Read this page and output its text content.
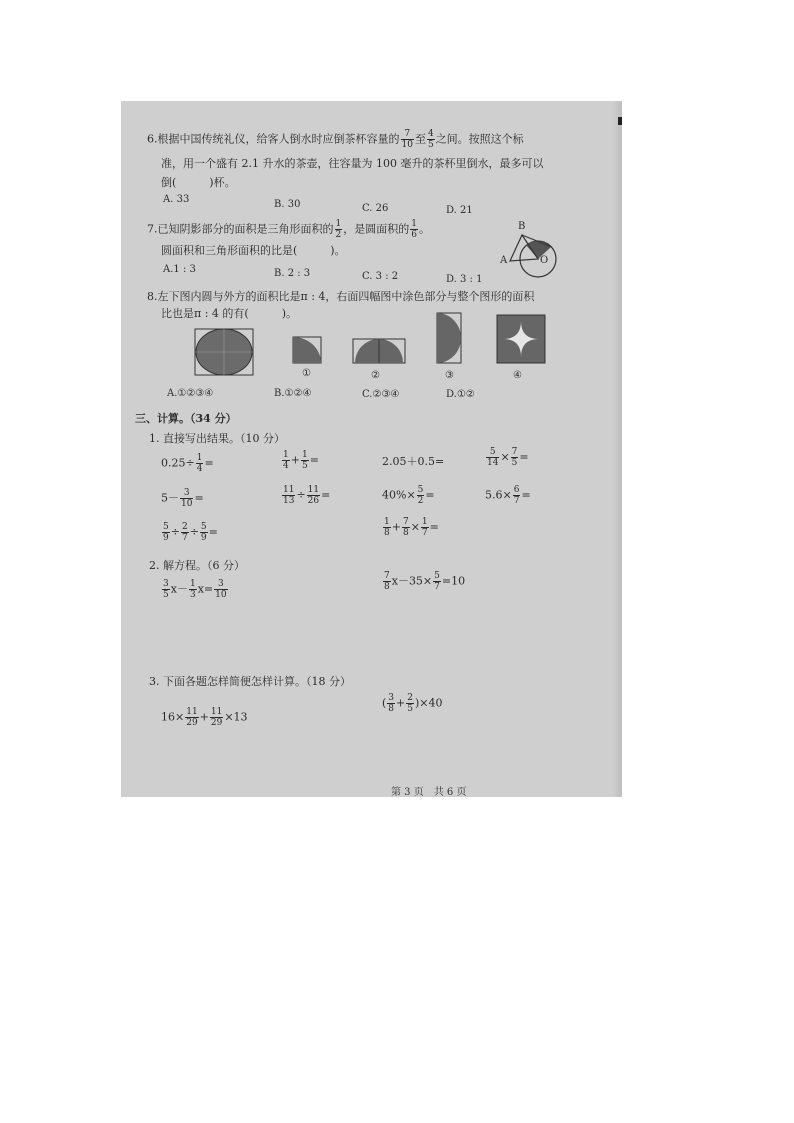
6.根据中国传统礼仪，给客人倒水时应倒茶杯容量的 $\frac{7}{10}$ 至 $\frac{4}{5}$ 之间。按照这个标
准，用一个盛有 2.1 升水的茶壶，往容量为 100 毫升的茶杯里倒水，最多可以
倒(　　　)杯。
A. 33	B. 30	C. 26	D. 21
7.已知阴影部分的面积是三角形面积的 $\frac{1}{2}$ ，是圆面积的 $\frac{1}{6}$ 。
圆面积和三角形面积的比是(　　　)。
A.1 : 3	B. 2 : 3	C. 3 : 2	D. 3 : 1
B
A	O
8.左下图内圆与外方的面积比是π : 4，右面四幅图中涂色部分与整个图形的面积
比也是π : 4 的有(　　　)。
①	②	③	④
A.①②③④	B.①②④	C.②③④	D.①②
三、计算。（34 分）
1. 直接写出结果。（10 分）
$0.25\div \frac{1}{4}$ =	$\frac{1}{4} + \frac{1}{5}$ =	2.05＋0.5=	$\frac{5}{14} \times \frac{7}{5}$ =
$5- \frac{3}{10}$ =	$\frac{11}{13} \div \frac{11}{26}$ =	$40\%\times \frac{5}{2}$ =	$5.6\times \frac{6}{7}$ =
$\frac{5}{9} \div \frac{2}{7} \div \frac{5}{9}$ =	$\frac{1}{8} + \frac{7}{8} \times \frac{1}{7}$ =
2. 解方程。（6 分）
$\frac{3}{5} x- \frac{1}{3} x= \frac{3}{10}$	$\frac{7}{8} x-35\times \frac{5}{7} =10$
3. 下面各题怎样简便怎样计算。（18 分）
$16\times \frac{11}{29} + \frac{11}{29} \times 13$
( $\frac{3}{8} + \frac{2}{5} )\times 40$
第 3 页 共 6 页
